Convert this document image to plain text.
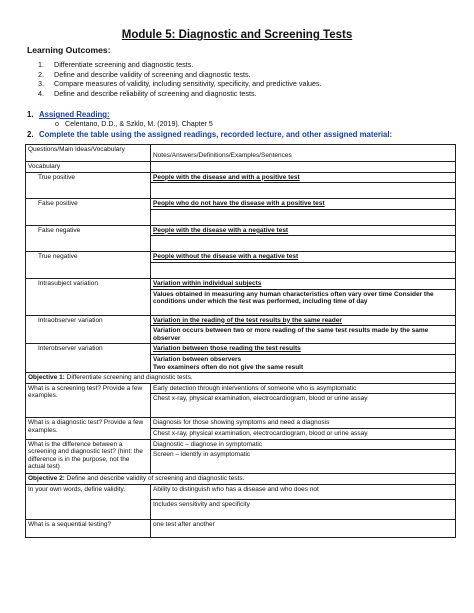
Module 5: Diagnostic and Screening Tests
Learning Outcomes:
1. Differentiate screening and diagnostic tests.
2. Define and describe validity of screening and diagnostic tests.
3. Compare measures of validity, including sensitivity, specificity, and predictive values.
4. Define and describe reliability of screening and diagnostic tests.
1. Assigned Reading:
o Celentano, D.D., & Szklo, M. (2019). Chapter 5
2. Complete the table using the assigned readings, recorded lecture, and other assigned material:
Questions/Main Ideas/Vocabulary	Notes/Answers/Definitions/Examples/Sentences
Vocabulary	
True positive	People with the disease and with a positive test

False positive	People who do not have the disease with a positive test

False negative	People with the disease with a negative test

True negative	People without the disease with a negative test

Intrasubject variation	Variation within individual subjects
	Values obtained in measuring any human characteristics often vary over time Consider the conditions under which the test was performed, including time of day
Intraobserver variation	Variation in the reading of the test results by the same reader
	Variation occurs between two or more reading of the same test results made by the same observer
Interobserver variation	Variation between those reading the test results
	Variation between observers
Two examiners often do not give the same result
Objective 1: Differentiate screening and diagnostic tests.	
What is a screening test? Provide a few examples.	Early detection through interventions of someone who is asymptomatic
	Chest x-ray, physical examination, electrocardiogram, blood or urine assay
What is a diagnostic test? Provide a few examples.	Diagnosis for those showing symptoms and need a diagnosis
	Chest x-ray, physical examination, electrocardiogram, blood or urine assay
What is the difference between a screening and diagnostic test? (hint: the difference is in the purpose, not the actual test)	Diagnostic – diagnose in symptomatic
	Screen – identify in asymptomatic
Objective 2: Define and describe validity of screening and diagnostic tests.	
In your own words, define validity.	Ability to distinguish who has a disease and who does not
	Includes sensitivity and specificity
What is a sequential testing?	one test after another
